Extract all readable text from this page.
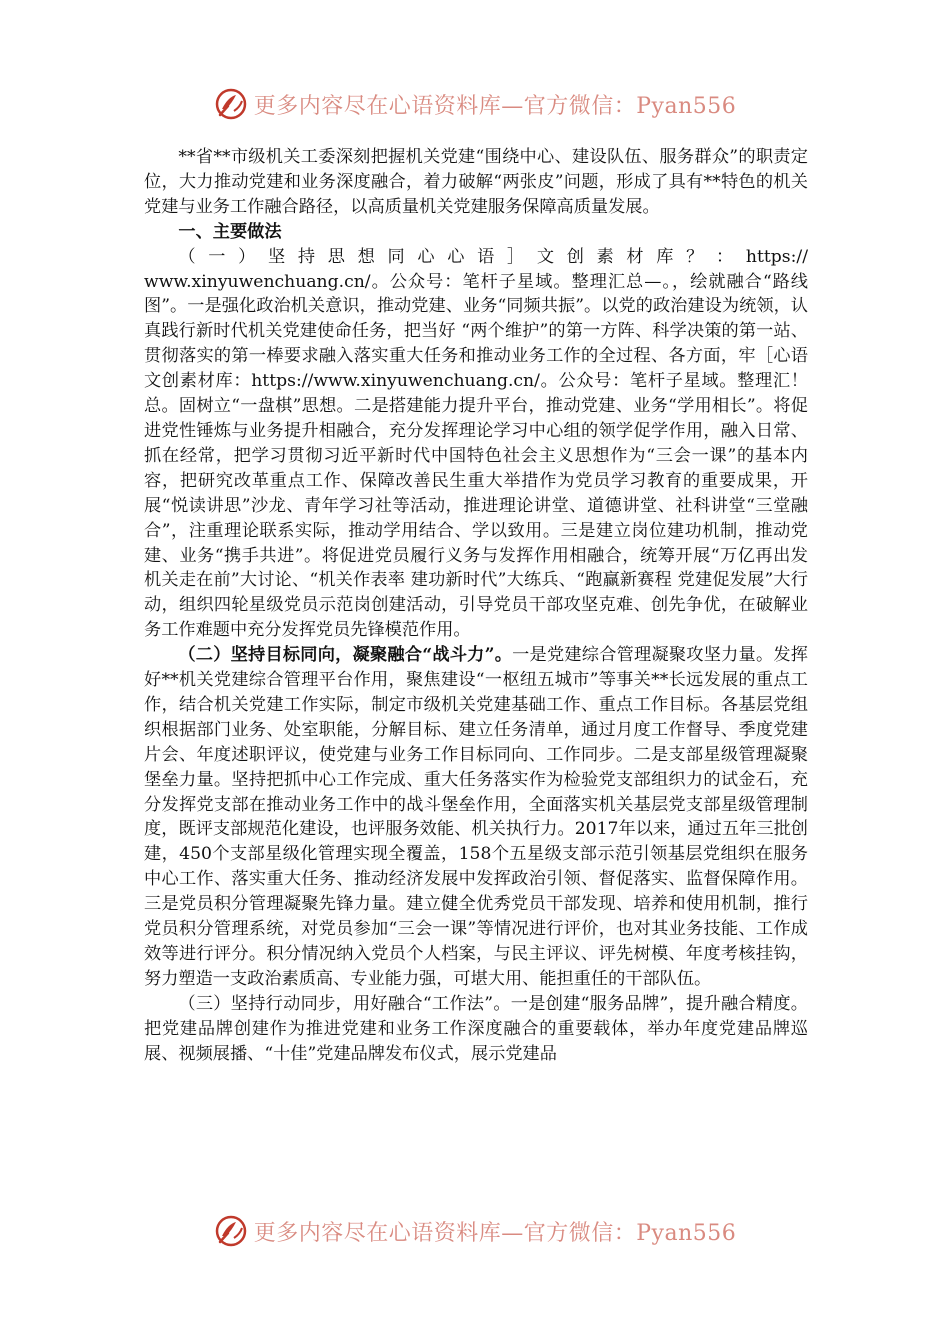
更多内容尽在心语资料库—官方微信：Pyan556

**省**市级机关工委深刻把握机关党建“围绕中心、建设队伍、服务群众”的职责定位，大力推动党建和业务深度融合，着力破解“两张皮”问题，形成了具有**特色的机关党建与业务工作融合路径，以高质量机关党建服务保障高质量发展。

一、主要做法

（一）坚持思想同心心语］文创素材库？：https://

www.xinyuwenchuang.cn/。公众号：笔杆子星域。整理汇总—。，绘就融合“路线图”。一是强化政治机关意识，推动党建、业务“同频共振”。以党的政治建设为统领，认真践行新时代机关党建使命任务，把当好 “两个维护”的第一方阵、科学决策的第一站、贯彻落实的第一棒要求融入落实重大任务和推动业务工作的全过程、各方面，牢［心语文创素材库：https://www.xinyuwenchuang.cn/。公众号：笔杆子星域。整理汇！总。固树立“一盘棋”思想。二是搭建能力提升平台，推动党建、业务“学用相长”。将促进党性锤炼与业务提升相融合，充分发挥理论学习中心组的领学促学作用，融入日常、抓在经常，把学习贯彻习近平新时代中国特色社会主义思想作为“三会一课”的基本内容，把研究改革重点工作、保障改善民生重大举措作为党员学习教育的重要成果，开展“悦读讲思”沙龙、青年学习社等活动，推进理论讲堂、道德讲堂、社科讲堂“三堂融合”，注重理论联系实际，推动学用结合、学以致用。三是建立岗位建功机制，推动党建、业务“携手共进”。将促进党员履行义务与发挥作用相融合，统筹开展“万亿再出发 机关走在前”大讨论、“机关作表率 建功新时代”大练兵、“跑赢新赛程 党建促发展”大行动，组织四轮星级党员示范岗创建活动，引导党员干部攻坚克难、创先争优，在破解业务工作难题中充分发挥党员先锋模范作用。

（二）坚持目标同向，凝聚融合“战斗力”。一是党建综合管理凝聚攻坚力量。发挥好**机关党建综合管理平台作用，聚焦建设“一枢纽五城市”等事关**长远发展的重点工作，结合机关党建工作实际，制定市级机关党建基础工作、重点工作目标。各基层党组织根据部门业务、处室职能，分解目标、建立任务清单，通过月度工作督导、季度党建片会、年度述职评议，使党建与业务工作目标同向、工作同步。二是支部星级管理凝聚堡垒力量。坚持把抓中心工作完成、重大任务落实作为检验党支部组织力的试金石，充分发挥党支部在推动业务工作中的战斗堡垒作用，全面落实机关基层党支部星级管理制度，既评支部规范化建设，也评服务效能、机关执行力。2017年以来，通过五年三批创建，450个支部星级化管理实现全覆盖，158个五星级支部示范引领基层党组织在服务中心工作、落实重大任务、推动经济发展中发挥政治引领、督促落实、监督保障作用。三是党员积分管理凝聚先锋力量。建立健全优秀党员干部发现、培养和使用机制，推行党员积分管理系统，对党员参加“三会一课”等情况进行评价，也对其业务技能、工作成效等进行评分。积分情况纳入党员个人档案，与民主评议、评先树模、年度考核挂钩，努力塑造一支政治素质高、专业能力强，可堪大用、能担重任的干部队伍。

（三）坚持行动同步，用好融合“工作法”。一是创建“服务品牌”，提升融合精度。把党建品牌创建作为推进党建和业务工作深度融合的重要载体，举办年度党建品牌巡展、视频展播、“十佳”党建品牌发布仪式，展示党建品

更多内容尽在心语资料库—官方微信：Pyan556
